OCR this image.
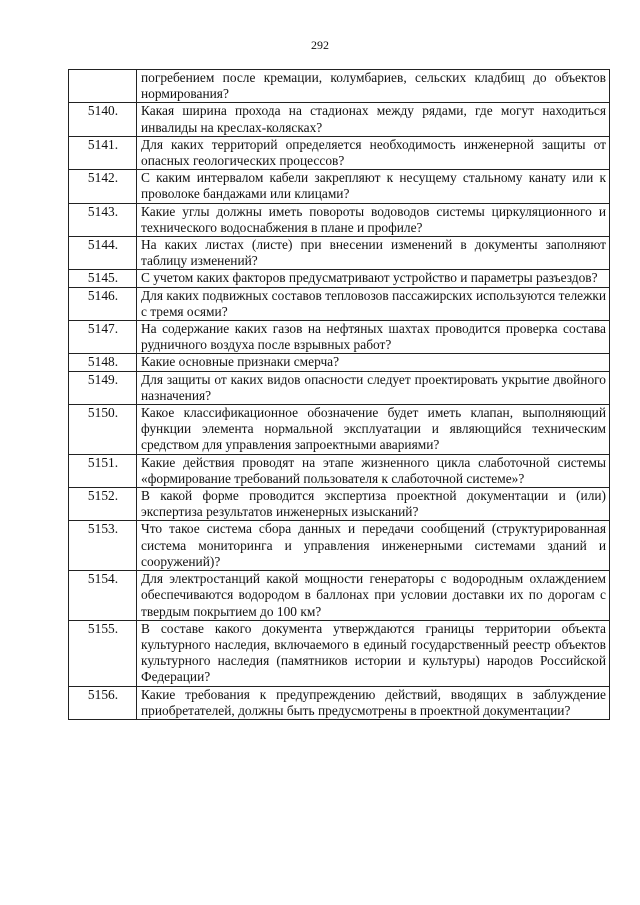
292
	погребением после кремации, колумбариев, сельских кладбищ до объектов нормирования?
5140.	Какая ширина прохода на стадионах между рядами, где могут находиться инвалиды на креслах-колясках?
5141.	Для каких территорий определяется необходимость инженерной защиты от опасных геологических процессов?
5142.	С каким интервалом кабели закрепляют к несущему стальному канату или к проволоке бандажами или клицами?
5143.	Какие углы должны иметь повороты водоводов системы циркуляционного и технического водоснабжения в плане и профиле?
5144.	На каких листах (листе) при внесении изменений в документы заполняют таблицу изменений?
5145.	С учетом каких факторов предусматривают устройство и параметры разъездов?
5146.	Для каких подвижных составов тепловозов пассажирских используются тележки с тремя осями?
5147.	На содержание каких газов на нефтяных шахтах проводится проверка состава рудничного воздуха после взрывных работ?
5148.	Какие основные признаки смерча?
5149.	Для защиты от каких видов опасности следует проектировать укрытие двойного назначения?
5150.	Какое классификационное обозначение будет иметь клапан, выполняющий функции элемента нормальной эксплуатации и являющийся техническим средством для управления запроектными авариями?
5151.	Какие действия проводят на этапе жизненного цикла слаботочной системы «формирование требований пользователя к слаботочной системе»?
5152.	В какой форме проводится экспертиза проектной документации и (или) экспертиза результатов инженерных изысканий?
5153.	Что такое система сбора данных и передачи сообщений (структурированная система мониторинга и управления инженерными системами зданий и сооружений)?
5154.	Для электростанций какой мощности генераторы с водородным охлаждением обеспечиваются водородом в баллонах при условии доставки их по дорогам с твердым покрытием до 100 км?
5155.	В составе какого документа утверждаются границы территории объекта культурного наследия, включаемого в единый государственный реестр объектов культурного наследия (памятников истории и культуры) народов Российской Федерации?
5156.	Какие требования к предупреждению действий, вводящих в заблуждение приобретателей, должны быть предусмотрены в проектной документации?
